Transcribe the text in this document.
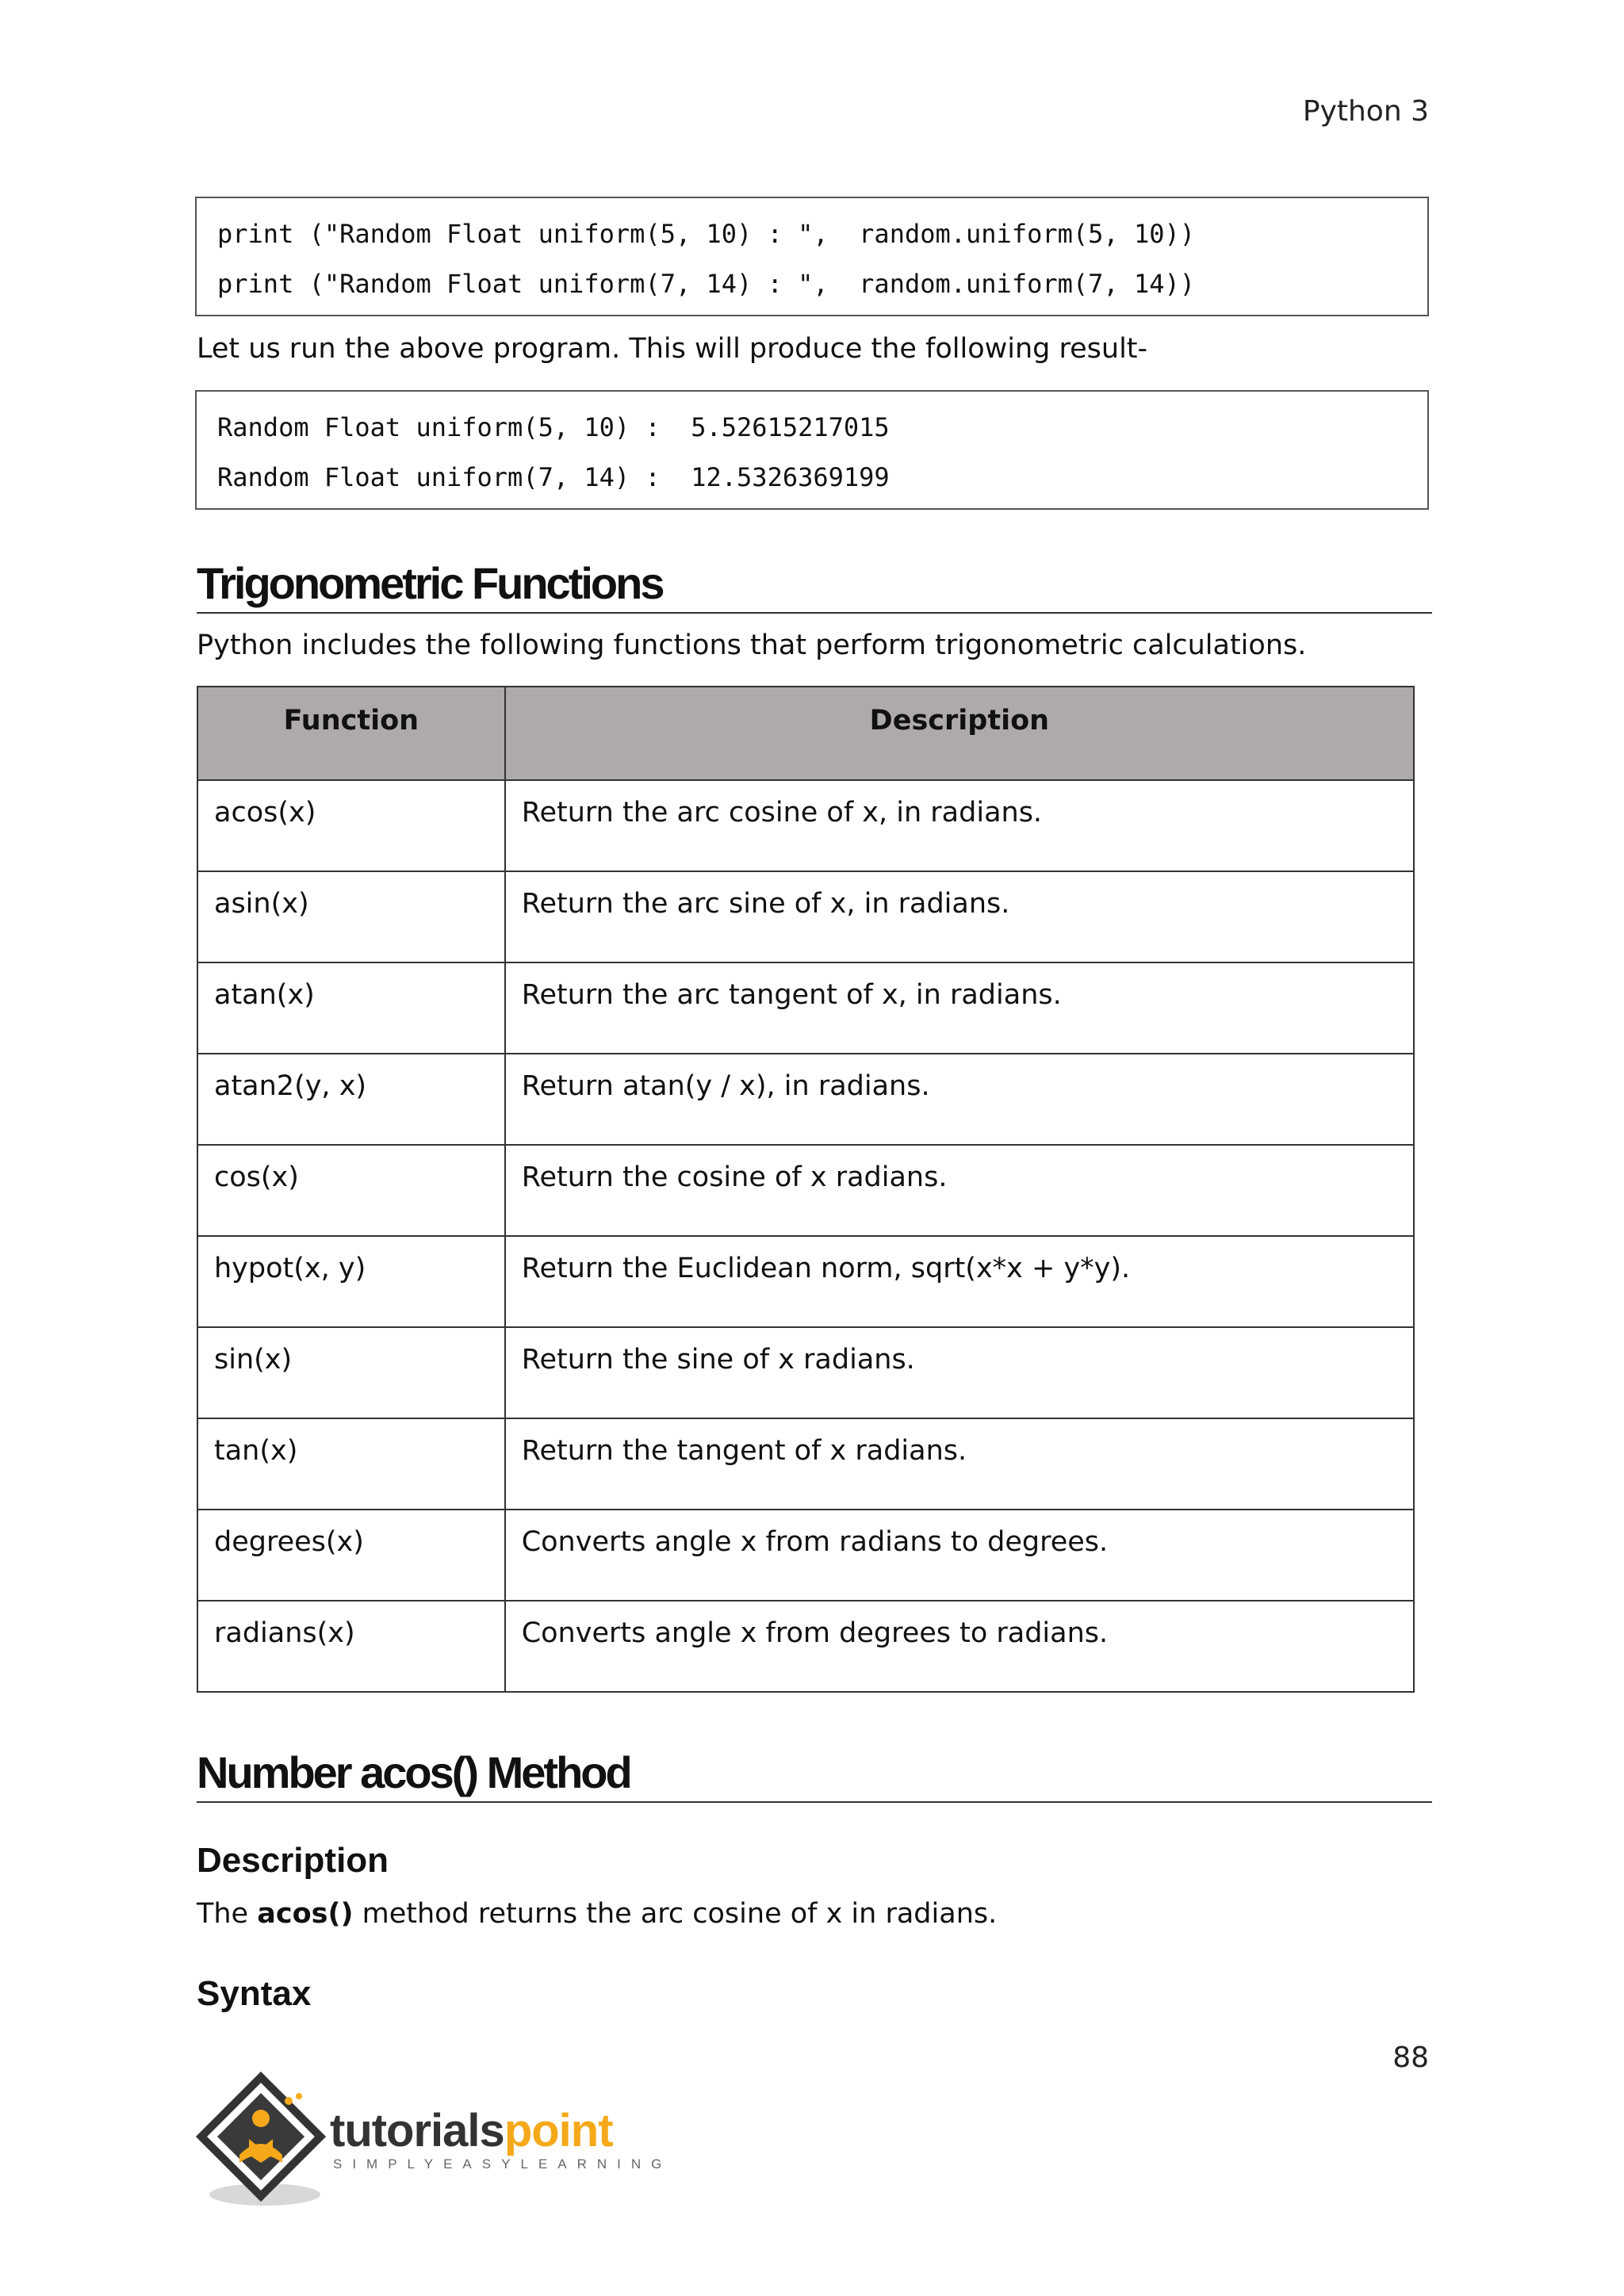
Python 3
print ("Random Float uniform(5, 10) : ",  random.uniform(5, 10))
print ("Random Float uniform(7, 14) : ",  random.uniform(7, 14))
Let us run the above program. This will produce the following result-
Random Float uniform(5, 10) :  5.52615217015
Random Float uniform(7, 14) :  12.5326369199
Trigonometric Functions
Python includes the following functions that perform trigonometric calculations.
Function	Description
acos(x)	Return the arc cosine of x, in radians.
asin(x)	Return the arc sine of x, in radians.
atan(x)	Return the arc tangent of x, in radians.
atan2(y, x)	Return atan(y / x), in radians.
cos(x)	Return the cosine of x radians.
hypot(x, y)	Return the Euclidean norm, sqrt(x*x + y*y).
sin(x)	Return the sine of x radians.
tan(x)	Return the tangent of x radians.
degrees(x)	Converts angle x from radians to degrees.
radians(x)	Converts angle x from degrees to radians.
Number acos() Method
Description
The acos() method returns the arc cosine of x in radians.
Syntax
88
tutorialspoint
SIMPLYEASYLEARNING
